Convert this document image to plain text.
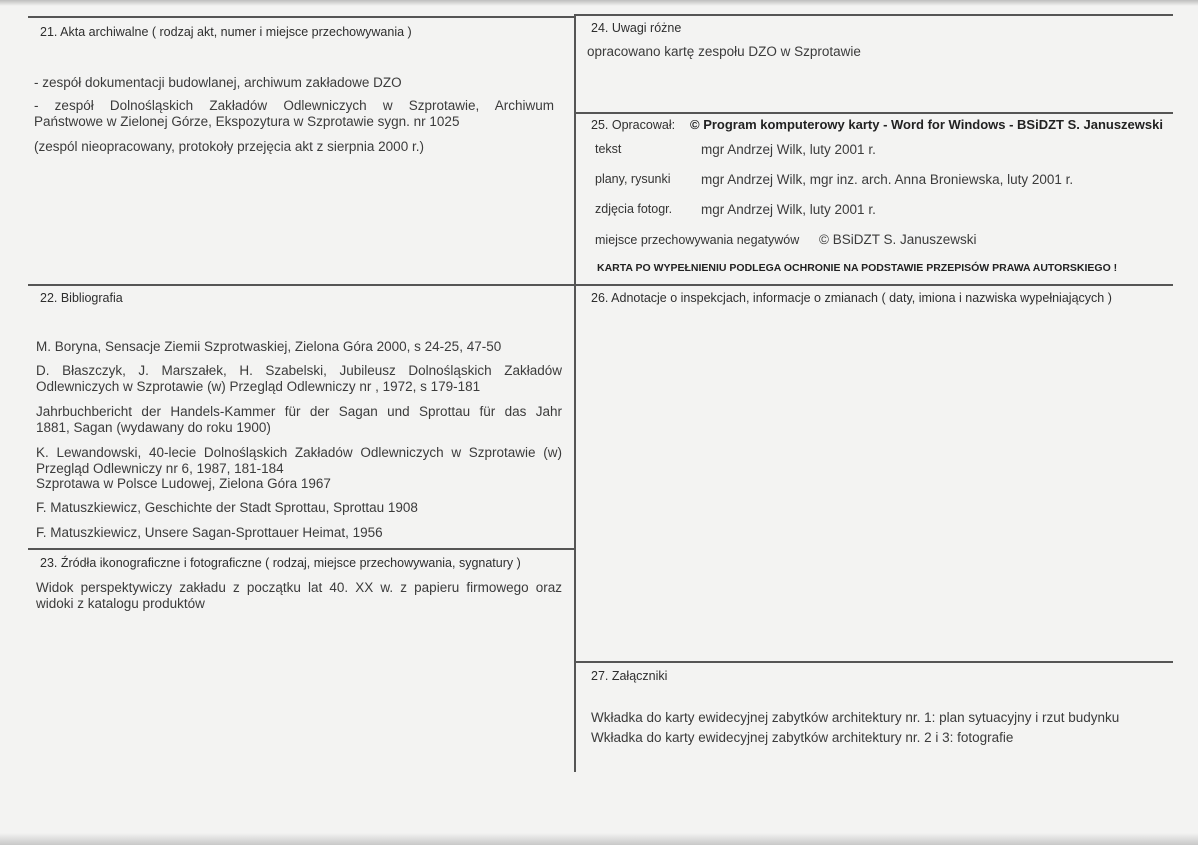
21. Akta archiwalne ( rodzaj akt, numer i miejsce przechowywania )
- zespół dokumentacji budowlanej, archiwum zakładowe DZO
- zespół Dolnośląskich Zakładów Odlewniczych w Szprotawie, Archiwum
Państwowe w Zielonej Górze, Ekspozytura w Szprotawie sygn. nr 1025
(zespól nieopracowany, protokoły przejęcia akt z sierpnia 2000 r.)
22. Bibliografia
M. Boryna, Sensacje Ziemii Szprotwaskiej, Zielona Góra 2000, s 24-25, 47-50
D. Błaszczyk, J. Marszałek, H. Szabelski, Jubileusz Dolnośląskich Zakładów
Odlewniczych w Szprotawie (w) Przegląd Odlewniczy nr , 1972, s 179-181
Jahrbuchbericht der Handels-Kammer für der Sagan und Sprottau für das Jahr
1881, Sagan (wydawany do roku 1900)
K. Lewandowski, 40-lecie Dolnośląskich Zakładów Odlewniczych w Szprotawie (w)
Przegląd Odlewniczy nr 6, 1987, 181-184
Szprotawa w Polsce Ludowej, Zielona Góra 1967
F. Matuszkiewicz, Geschichte der Stadt Sprottau, Sprottau 1908
F. Matuszkiewicz, Unsere Sagan-Sprottauer Heimat, 1956
23. Źródła ikonograficzne i fotograficzne ( rodzaj, miejsce przechowywania, sygnatury )
Widok perspektywiczy zakładu z początku lat 40. XX w. z papieru firmowego oraz
widoki z katalogu produktów
24. Uwagi różne
opracowano kartę zespołu DZO w Szprotawie
25. Opracował: © Program komputerowy karty - Word for Windows - BSiDZT S. Januszewski
tekst	mgr Andrzej Wilk, luty 2001 r.
plany, rysunki mgr Andrzej Wilk, mgr inz. arch. Anna Broniewska, luty 2001 r.
zdjęcia fotogr. mgr Andrzej Wilk, luty 2001 r.
miejsce przechowywania negatywów © BSiDZT S. Januszewski
KARTA PO WYPEŁNIENIU PODLEGA OCHRONIE NA PODSTAWIE PRZEPISÓW PRAWA AUTORSKIEGO !
26. Adnotacje o inspekcjach, informacje o zmianach ( daty, imiona i nazwiska wypełniających )
27. Załączniki
Wkładka do karty ewidecyjnej zabytków architektury nr. 1: plan sytuacyjny i rzut budynku
Wkładka do karty ewidecyjnej zabytków architektury nr. 2 i 3: fotografie
